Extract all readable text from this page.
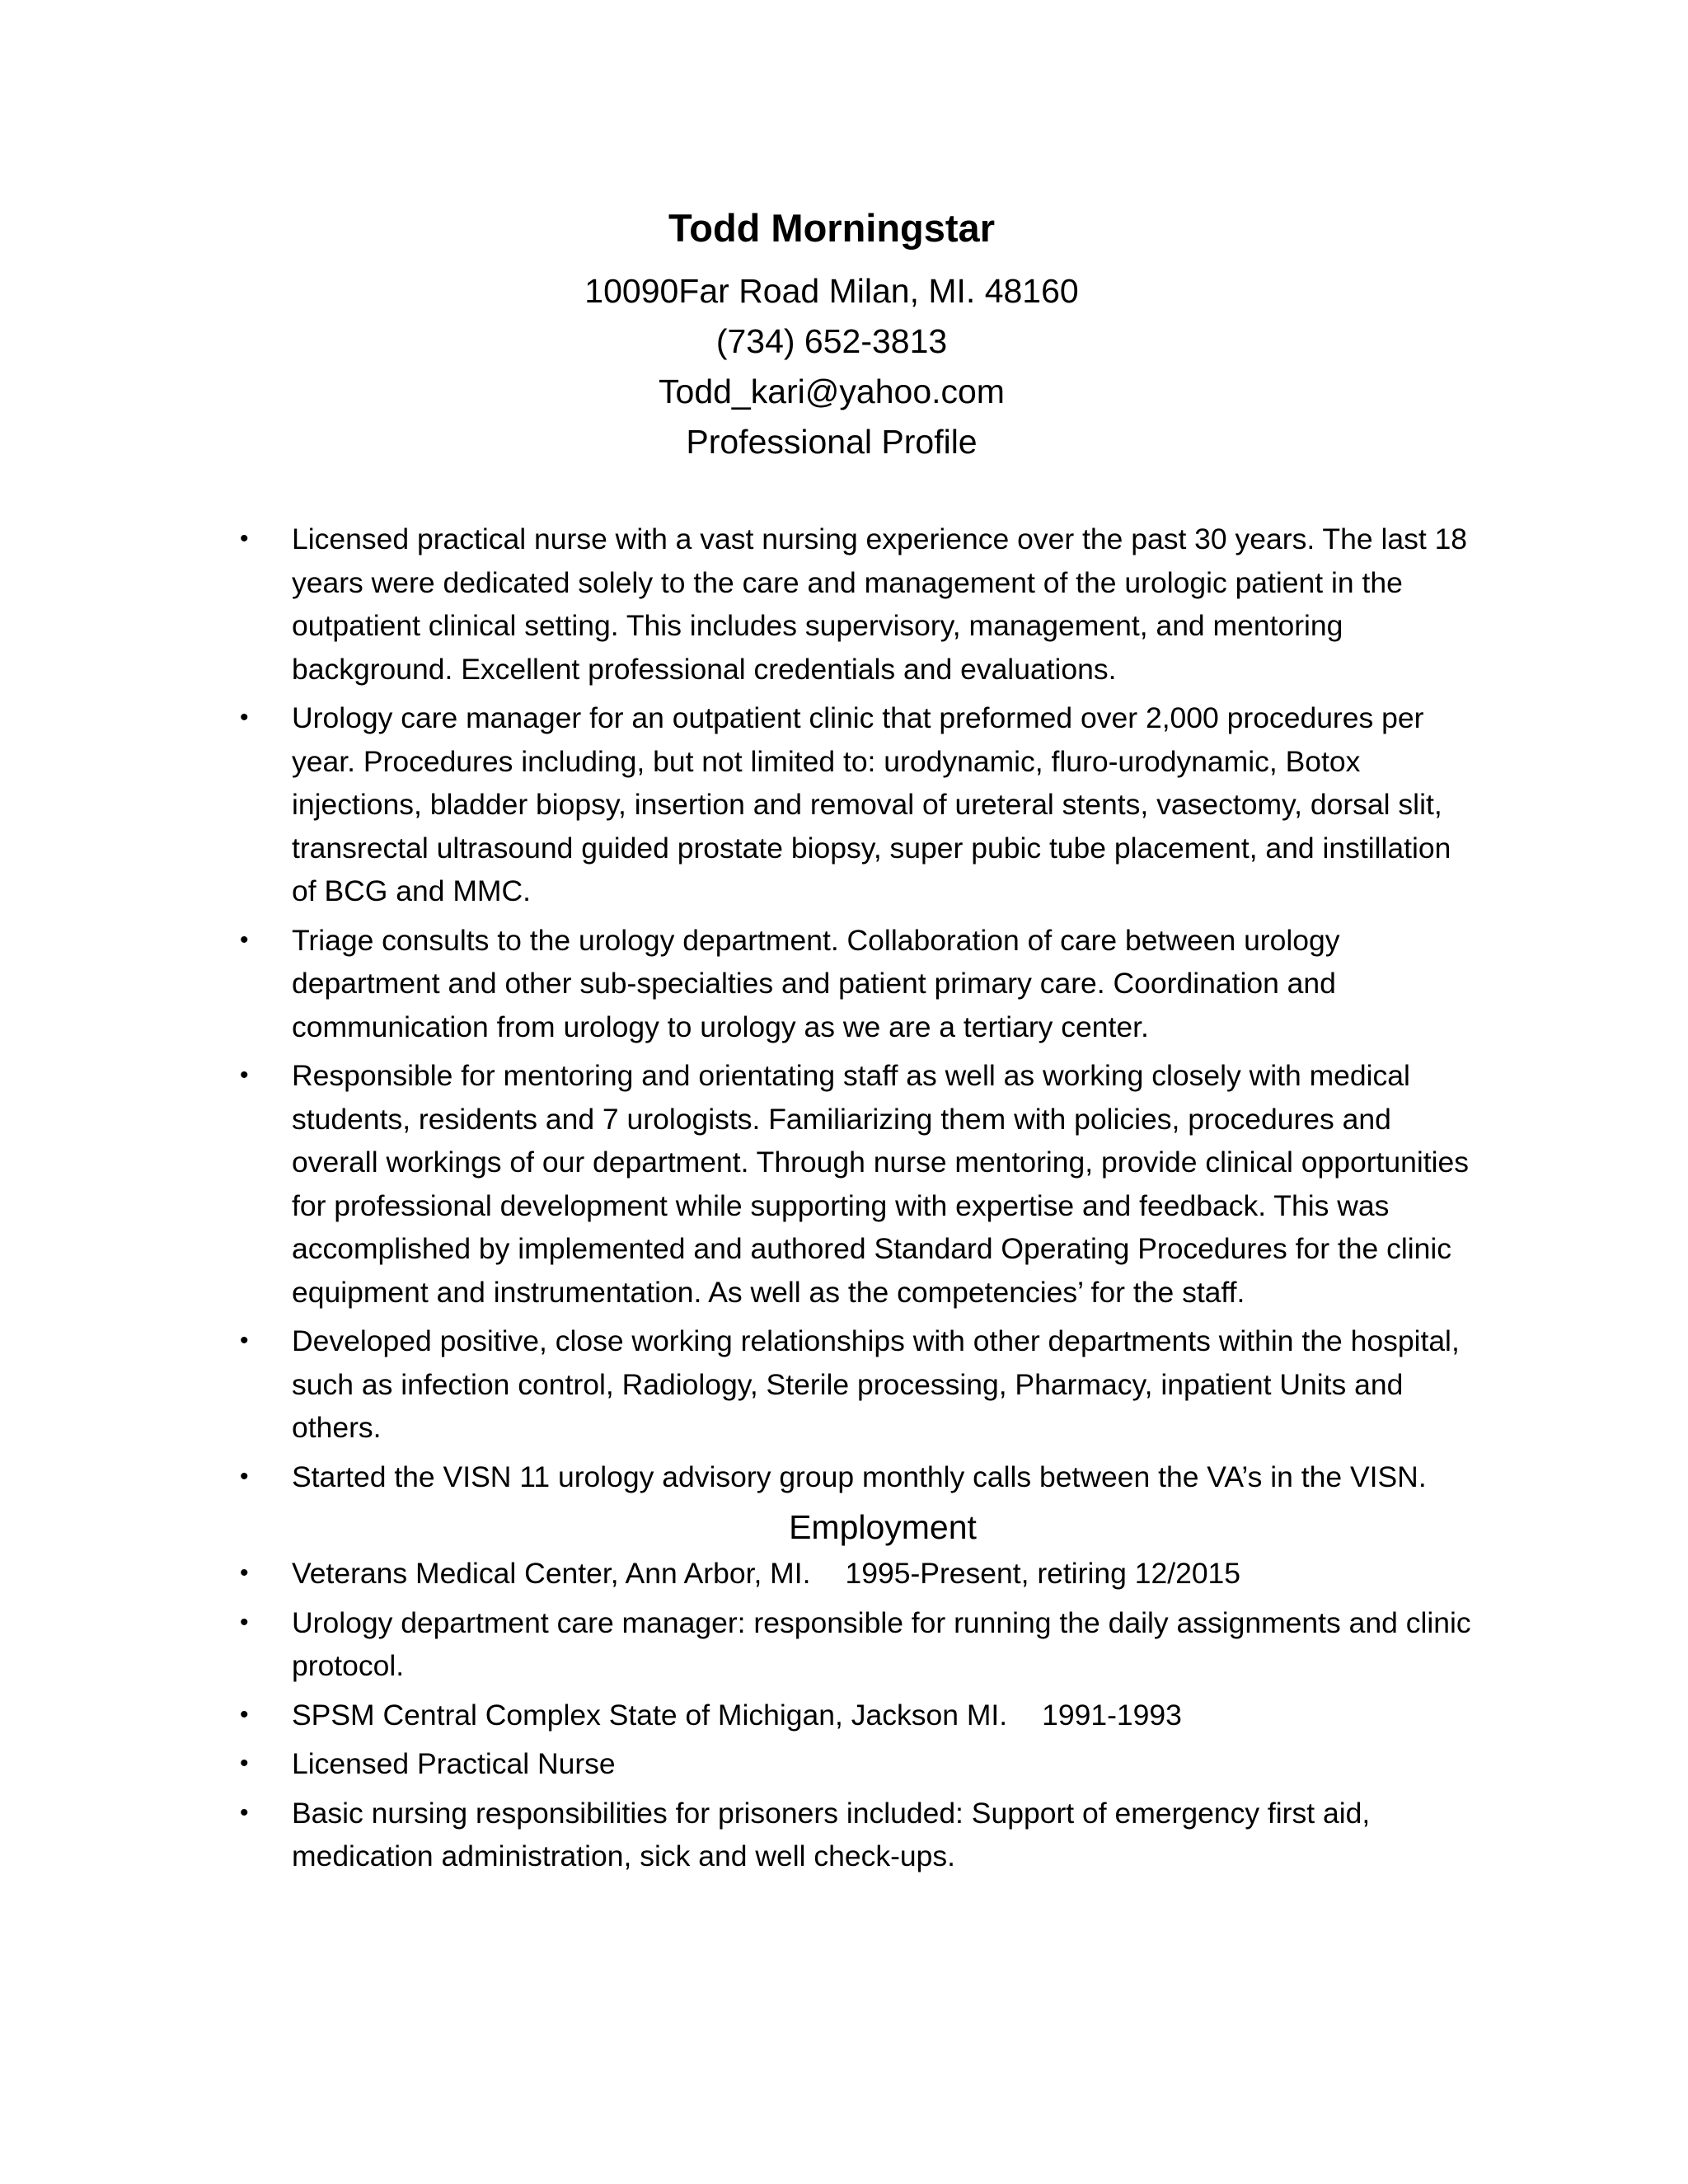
Todd Morningstar
10090Far Road Milan, MI. 48160
(734) 652-3813
Todd_kari@yahoo.com
Professional Profile
•	Licensed practical nurse with a vast nursing experience over the past 30 years. The last 18 years were dedicated solely to the care and management of the urologic patient in the outpatient clinical setting. This includes supervisory, management, and mentoring background. Excellent professional credentials and evaluations.
•	Urology care manager for an outpatient clinic that preformed over 2,000 procedures per year. Procedures including, but not limited to: urodynamic, fluro-urodynamic, Botox injections, bladder biopsy, insertion and removal of ureteral stents, vasectomy, dorsal slit, transrectal ultrasound guided prostate biopsy, super pubic tube placement, and instillation of BCG and MMC.
•	Triage consults to the urology department. Collaboration of care between urology department and other sub-specialties and patient primary care. Coordination and communication from urology to urology as we are a tertiary center.
•	Responsible for mentoring and orientating staff as well as working closely with medical students, residents and 7 urologists. Familiarizing them with policies, procedures and overall workings of our department. Through nurse mentoring, provide clinical opportunities for professional development while supporting with expertise and feedback. This was accomplished by implemented and authored Standard Operating Procedures for the clinic equipment and instrumentation. As well as the competencies’ for the staff.
•	Developed positive, close working relationships with other departments within the hospital, such as infection control, Radiology, Sterile processing, Pharmacy, inpatient Units and others.
•	Started the VISN 11 urology advisory group monthly calls between the VA’s in the VISN.
Employment
•	Veterans Medical Center, Ann Arbor, MI. 1995-Present, retiring 12/2015
•	Urology department care manager: responsible for running the daily assignments and clinic protocol.
•	SPSM Central Complex State of Michigan, Jackson MI. 1991-1993
•	Licensed Practical Nurse
•	Basic nursing responsibilities for prisoners included: Support of emergency first aid, medication administration, sick and well check-ups.
